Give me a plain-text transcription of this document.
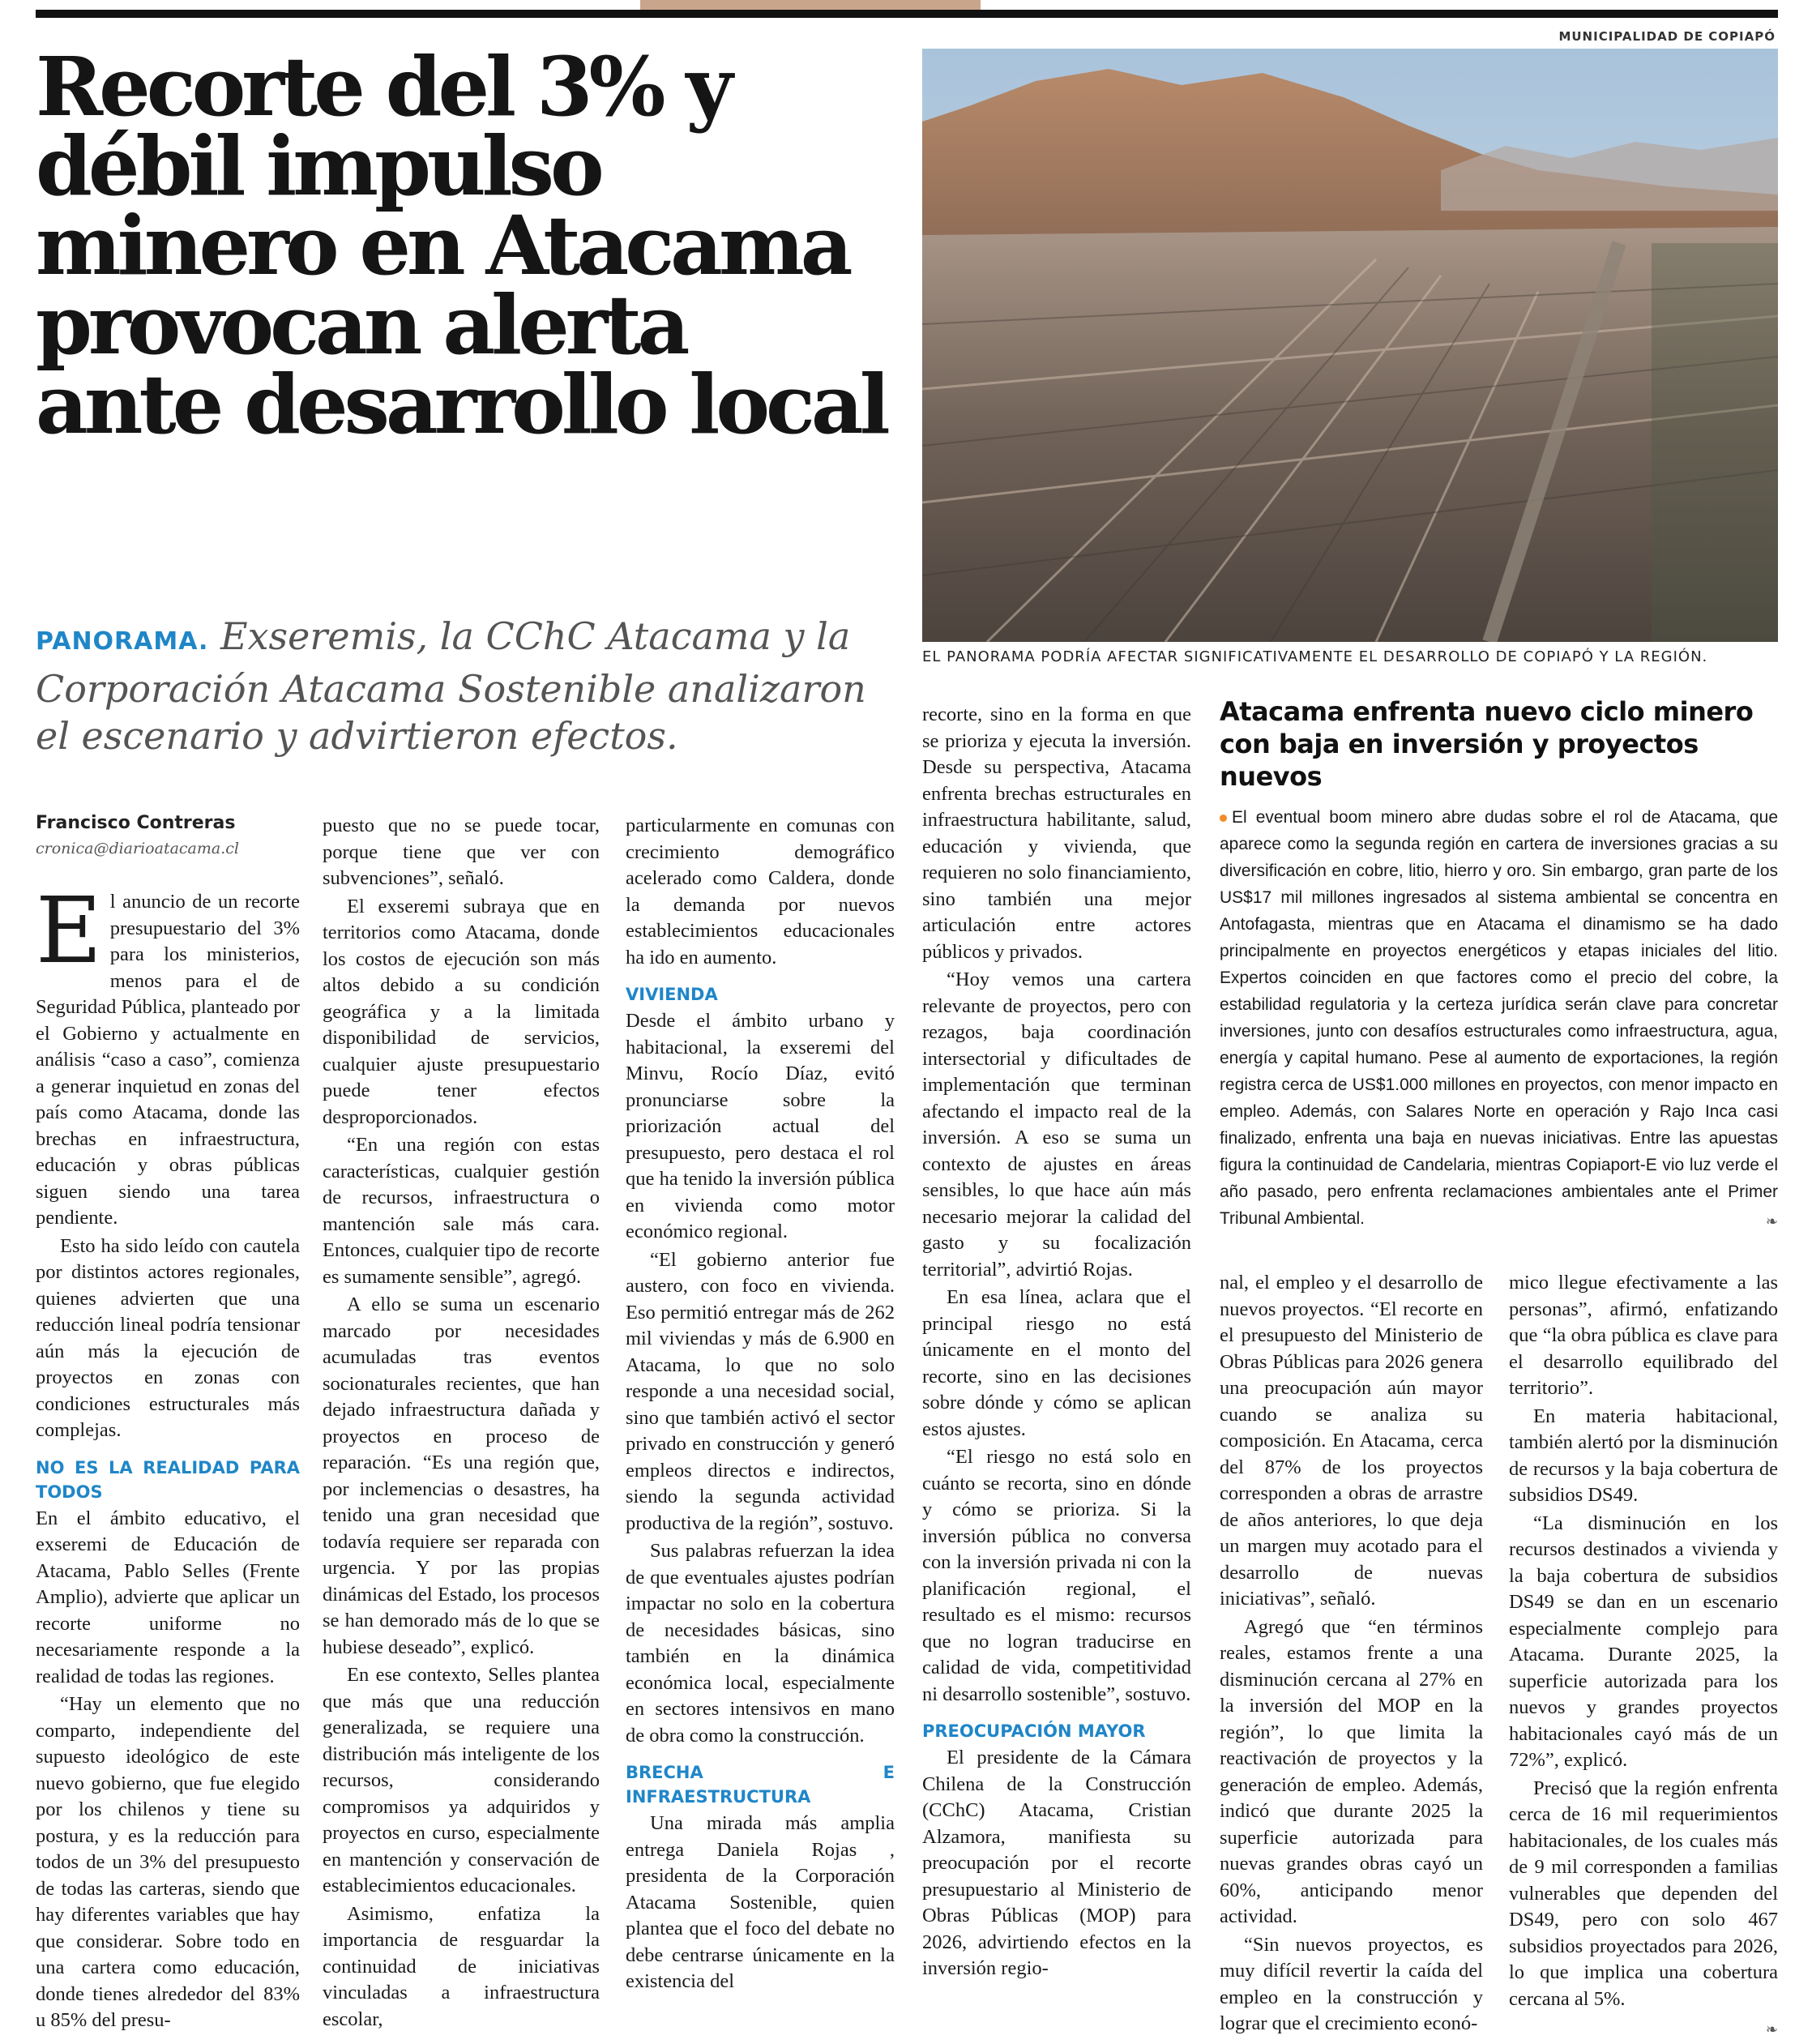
MUNICIPALIDAD DE COPIAPÓ
Recorte del 3% y
débil impulso
minero en Atacama
provocan alerta
ante desarrollo local
EL PANORAMA PODRÍA AFECTAR SIGNIFICATIVAMENTE EL DESARROLLO DE COPIAPÓ Y LA REGIÓN.

PANORAMA. Exseremis, la CChC Atacama y la Corporación Atacama Sostenible analizaron el escenario y advirtieron efectos.

Francisco Contreras
cronica@diarioatacama.cl

El anuncio de un recorte presupuestario del 3% para los ministerios, menos para el de Seguridad Pública, planteado por el Gobierno y actualmente en análisis “caso a caso”, comienza a generar inquietud en zonas del país como Atacama, donde las brechas en infraestructura, educación y obras públicas siguen siendo una tarea pendiente.

Esto ha sido leído con cautela por distintos actores regionales, quienes advierten que una reducción lineal podría tensionar aún más la ejecución de proyectos en zonas con condiciones estructurales más complejas.

NO ES LA REALIDAD PARA TODOS

En el ámbito educativo, el exseremi de Educación de Atacama, Pablo Selles (Frente Amplio), advierte que aplicar un recorte uniforme no necesariamente responde a la realidad de todas las regiones.

“Hay un elemento que no comparto, independiente del supuesto ideológico de este nuevo gobierno, que fue elegido por los chilenos y tiene su postura, y es la reducción para todos de un 3% del presupuesto de todas las carteras, siendo que hay diferentes variables que hay que considerar. Sobre todo en una cartera como educación, donde tienes alrededor del 83% u 85% del presu-

puesto que no se puede tocar, porque tiene que ver con subvenciones”, señaló.

El exseremi subraya que en territorios como Atacama, donde los costos de ejecución son más altos debido a su condición geográfica y a la limitada disponibilidad de servicios, cualquier ajuste presupuestario puede tener efectos desproporcionados.

“En una región con estas características, cualquier gestión de recursos, infraestructura o mantención sale más cara. Entonces, cualquier tipo de recorte es sumamente sensible”, agregó.

A ello se suma un escenario marcado por necesidades acumuladas tras eventos socionaturales recientes, que han dejado infraestructura dañada y proyectos en proceso de reparación. “Es una región que, por inclemencias o desastres, ha tenido una gran necesidad que todavía requiere ser reparada con urgencia. Y por las propias dinámicas del Estado, los procesos se han demorado más de lo que se hubiese deseado”, explicó.

En ese contexto, Selles plantea que más que una reducción generalizada, se requiere una distribución más inteligente de los recursos, considerando compromisos ya adquiridos y proyectos en curso, especialmente en mantención y conservación de establecimientos educacionales.

Asimismo, enfatiza la importancia de resguardar la continuidad de iniciativas vinculadas a infraestructura escolar,

particularmente en comunas con crecimiento demográfico acelerado como Caldera, donde la demanda por nuevos establecimientos educacionales ha ido en aumento.

VIVIENDA

Desde el ámbito urbano y habitacional, la exseremi del Minvu, Rocío Díaz, evitó pronunciarse sobre la priorización actual del presupuesto, pero destaca el rol que ha tenido la inversión pública en vivienda como motor económico regional.

“El gobierno anterior fue austero, con foco en vivienda. Eso permitió entregar más de 262 mil viviendas y más de 6.900 en Atacama, lo que no solo responde a una necesidad social, sino que también activó el sector privado en construcción y generó empleos directos e indirectos, siendo la segunda actividad productiva de la región”, sostuvo.

Sus palabras refuerzan la idea de que eventuales ajustes podrían impactar no solo en la cobertura de necesidades básicas, sino también en la dinámica económica local, especialmente en sectores intensivos en mano de obra como la construcción.

BRECHA E INFRAESTRUCTURA

Una mirada más amplia entrega Daniela Rojas , presidenta de la Corporación Atacama Sostenible, quien plantea que el foco del debate no debe centrarse únicamente en la existencia del

recorte, sino en la forma en que se prioriza y ejecuta la inversión. Desde su perspectiva, Atacama enfrenta brechas estructurales en infraestructura habilitante, salud, educación y vivienda, que requieren no solo financiamiento, sino también una mejor articulación entre actores públicos y privados.

“Hoy vemos una cartera relevante de proyectos, pero con rezagos, baja coordinación intersectorial y dificultades de implementación que terminan afectando el impacto real de la inversión. A eso se suma un contexto de ajustes en áreas sensibles, lo que hace aún más necesario mejorar la calidad del gasto y su focalización territorial”, advirtió Rojas.

En esa línea, aclara que el principal riesgo no está únicamente en el monto del recorte, sino en las decisiones sobre dónde y cómo se aplican estos ajustes.

“El riesgo no está solo en cuánto se recorta, sino en dónde y cómo se prioriza. Si la inversión pública no conversa con la inversión privada ni con la planificación regional, el resultado es el mismo: recursos que no logran traducirse en calidad de vida, competitividad ni desarrollo sostenible”, sostuvo.

PREOCUPACIÓN MAYOR

El presidente de la Cámara Chilena de la Construcción (CChC) Atacama, Cristian Alzamora, manifiesta su preocupación por el recorte presupuestario al Ministerio de Obras Públicas (MOP) para 2026, advirtiendo efectos en la inversión regio-

Atacama enfrenta nuevo ciclo minero con baja en inversión y proyectos nuevos
El eventual boom minero abre dudas sobre el rol de Atacama, que aparece como la segunda región en cartera de inversiones gracias a su diversificación en cobre, litio, hierro y oro. Sin embargo, gran parte de los US$17 mil millones ingresados al sistema ambiental se concentra en Antofagasta, mientras que en Atacama el dinamismo se ha dado principalmente en proyectos energéticos y etapas iniciales del litio. Expertos coinciden en que factores como el precio del cobre, la estabilidad regulatoria y la certeza jurídica serán clave para concretar inversiones, junto con desafíos estructurales como infraestructura, agua, energía y capital humano. Pese al aumento de exportaciones, la región registra cerca de US$1.000 millones en proyectos, con menor impacto en empleo. Además, con Salares Norte en operación y Rajo Inca casi finalizado, enfrenta una baja en nuevas iniciativas. Entre las apuestas figura la continuidad de Candelaria, mientras Copiaport-E vio luz verde el año pasado, pero enfrenta reclamaciones ambientales ante el Primer Tribunal Ambiental.	❧

nal, el empleo y el desarrollo de nuevos proyectos. “El recorte en el presupuesto del Ministerio de Obras Públicas para 2026 genera una preocupación aún mayor cuando se analiza su composición. En Atacama, cerca del 87% de los proyectos corresponden a obras de arrastre de años anteriores, lo que deja un margen muy acotado para el desarrollo de nuevas iniciativas”, señaló.

Agregó que “en términos reales, estamos frente a una disminución cercana al 27% en la inversión del MOP en la región”, lo que limita la reactivación de proyectos y la generación de empleo. Además, indicó que durante 2025 la superficie autorizada para nuevas grandes obras cayó un 60%, anticipando menor actividad.

“Sin nuevos proyectos, es muy difícil revertir la caída del empleo en la construcción y lograr que el crecimiento econó-

mico llegue efectivamente a las personas”, afirmó, enfatizando que “la obra pública es clave para el desarrollo equilibrado del territorio”.

En materia habitacional, también alertó por la disminución de recursos y la baja cobertura de subsidios DS49.

“La disminución en los recursos destinados a vivienda y la baja cobertura de subsidios DS49 se dan en un escenario especialmente complejo para Atacama. Durante 2025, la superficie autorizada para los nuevos y grandes proyectos habitacionales cayó más de un 72%”, explicó.

Precisó que la región enfrenta cerca de 16 mil requerimientos habitacionales, de los cuales más de 9 mil corresponden a familias vulnerables que dependen del DS49, pero con solo 467 subsidios proyectados para 2026, lo que implica una cobertura cercana al 5%.

❧
